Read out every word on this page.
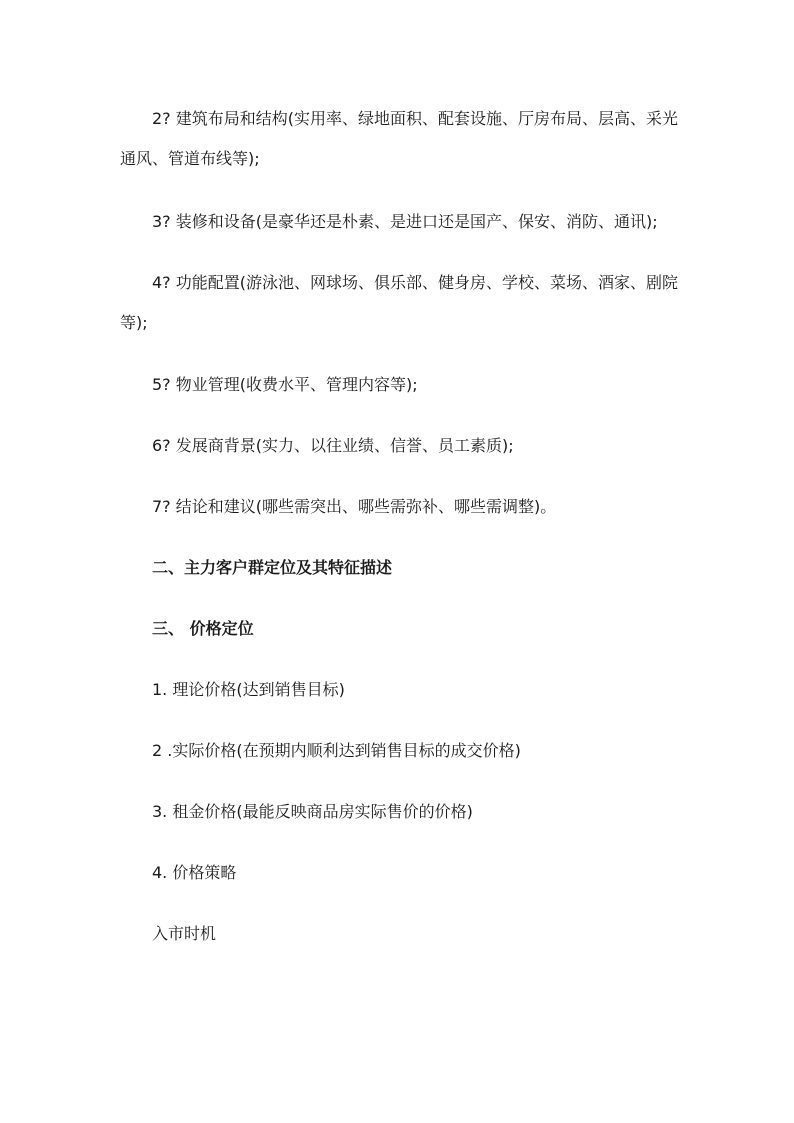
2? 建筑布局和结构(实用率、绿地面积、配套设施、厅房布局、层高、采光通风、管道布线等);

3? 装修和设备(是豪华还是朴素、是进口还是国产、保安、消防、通讯);

4? 功能配置(游泳池、网球场、俱乐部、健身房、学校、菜场、酒家、剧院等);

5? 物业管理(收费水平、管理内容等);

6? 发展商背景(实力、以往业绩、信誉、员工素质);

7? 结论和建议(哪些需突出、哪些需弥补、哪些需调整)。

二、主力客户群定位及其特征描述

三、 价格定位

1. 理论价格(达到销售目标)

2 .实际价格(在预期内顺利达到销售目标的成交价格)

3. 租金价格(最能反映商品房实际售价的价格)

4. 价格策略

入市时机
